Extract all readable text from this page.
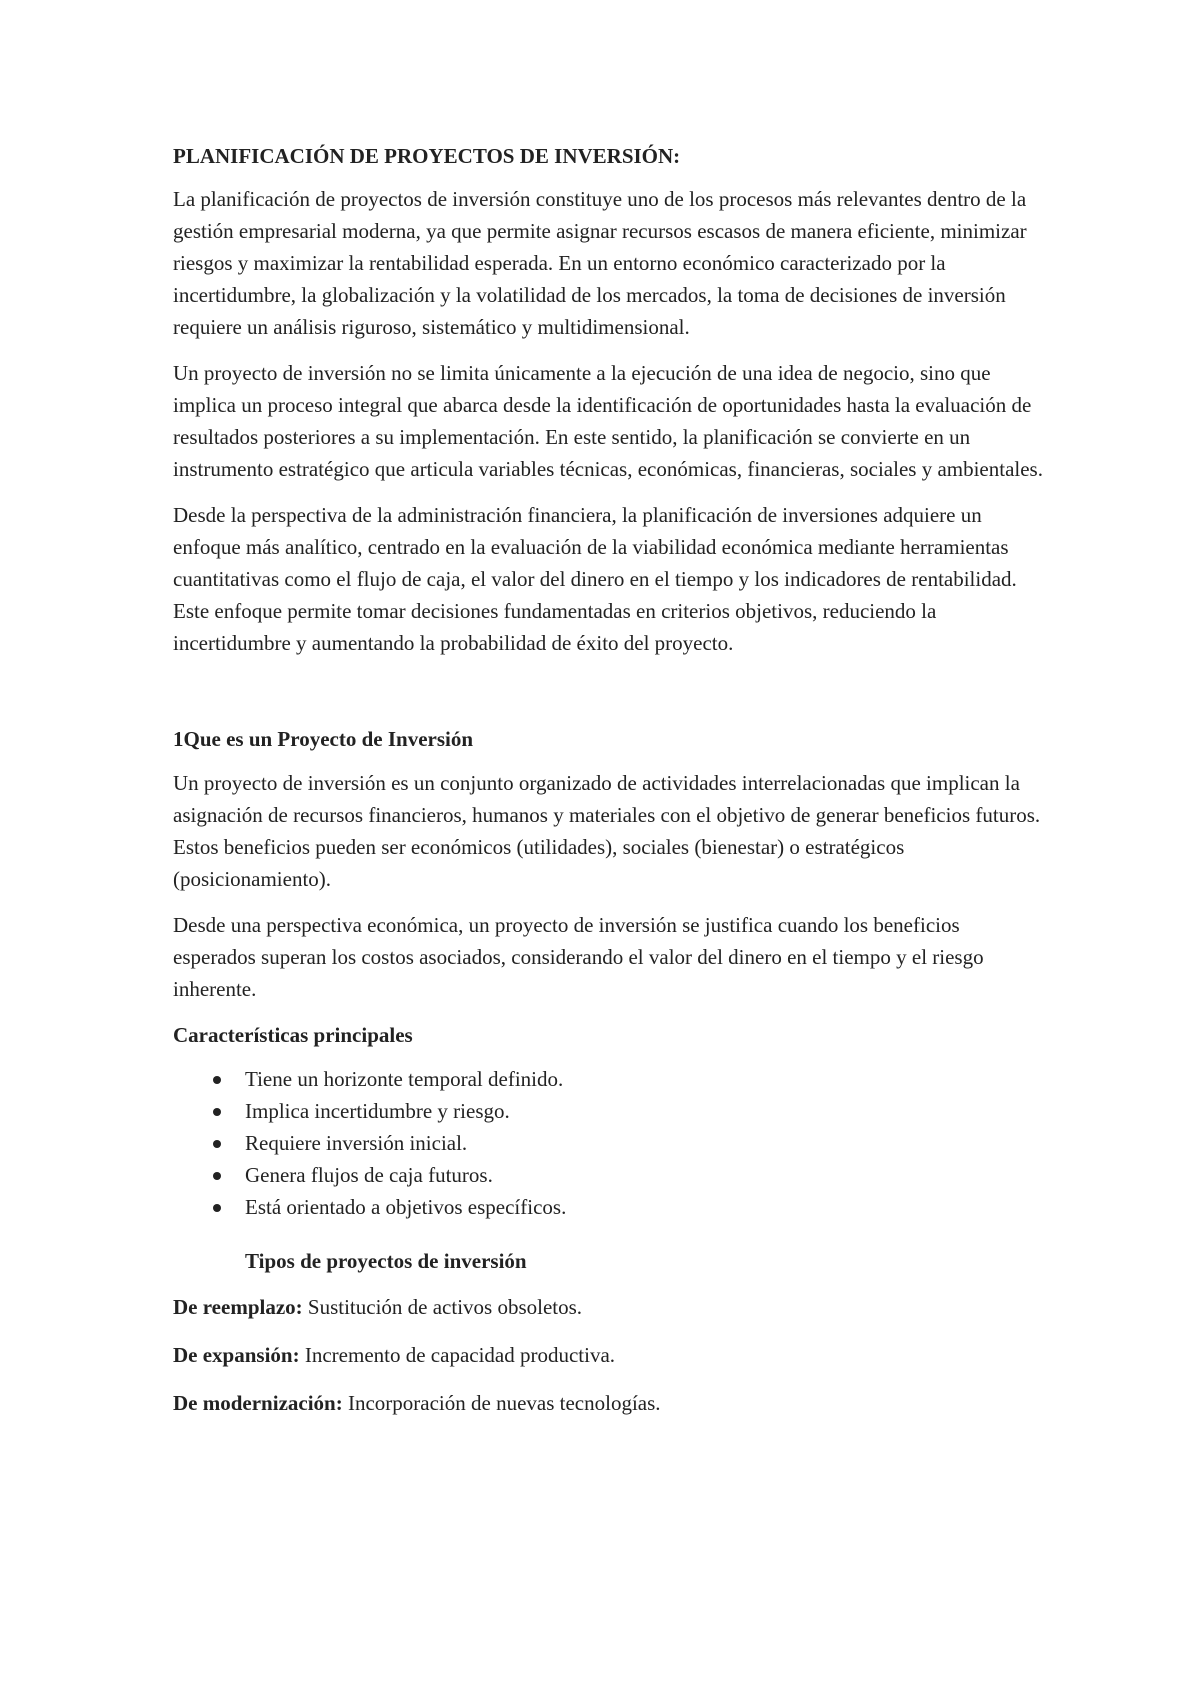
PLANIFICACIÓN DE PROYECTOS DE INVERSIÓN:

La planificación de proyectos de inversión constituye uno de los procesos más relevantes dentro de la gestión empresarial moderna, ya que permite asignar recursos escasos de manera eficiente, minimizar riesgos y maximizar la rentabilidad esperada. En un entorno económico caracterizado por la incertidumbre, la globalización y la volatilidad de los mercados, la toma de decisiones de inversión requiere un análisis riguroso, sistemático y multidimensional.

Un proyecto de inversión no se limita únicamente a la ejecución de una idea de negocio, sino que implica un proceso integral que abarca desde la identificación de oportunidades hasta la evaluación de resultados posteriores a su implementación. En este sentido, la planificación se convierte en un instrumento estratégico que articula variables técnicas, económicas, financieras, sociales y ambientales.

Desde la perspectiva de la administración financiera, la planificación de inversiones adquiere un enfoque más analítico, centrado en la evaluación de la viabilidad económica mediante herramientas cuantitativas como el flujo de caja, el valor del dinero en el tiempo y los indicadores de rentabilidad. Este enfoque permite tomar decisiones fundamentadas en criterios objetivos, reduciendo la incertidumbre y aumentando la probabilidad de éxito del proyecto.

1Que es un Proyecto de Inversión

Un proyecto de inversión es un conjunto organizado de actividades interrelacionadas que implican la asignación de recursos financieros, humanos y materiales con el objetivo de generar beneficios futuros. Estos beneficios pueden ser económicos (utilidades), sociales (bienestar) o estratégicos (posicionamiento).

Desde una perspectiva económica, un proyecto de inversión se justifica cuando los beneficios esperados superan los costos asociados, considerando el valor del dinero en el tiempo y el riesgo inherente.

Características principales

Tiene un horizonte temporal definido.
Implica incertidumbre y riesgo.
Requiere inversión inicial.
Genera flujos de caja futuros.
Está orientado a objetivos específicos.

Tipos de proyectos de inversión

De reemplazo: Sustitución de activos obsoletos.

De expansión: Incremento de capacidad productiva.

De modernización: Incorporación de nuevas tecnologías.
